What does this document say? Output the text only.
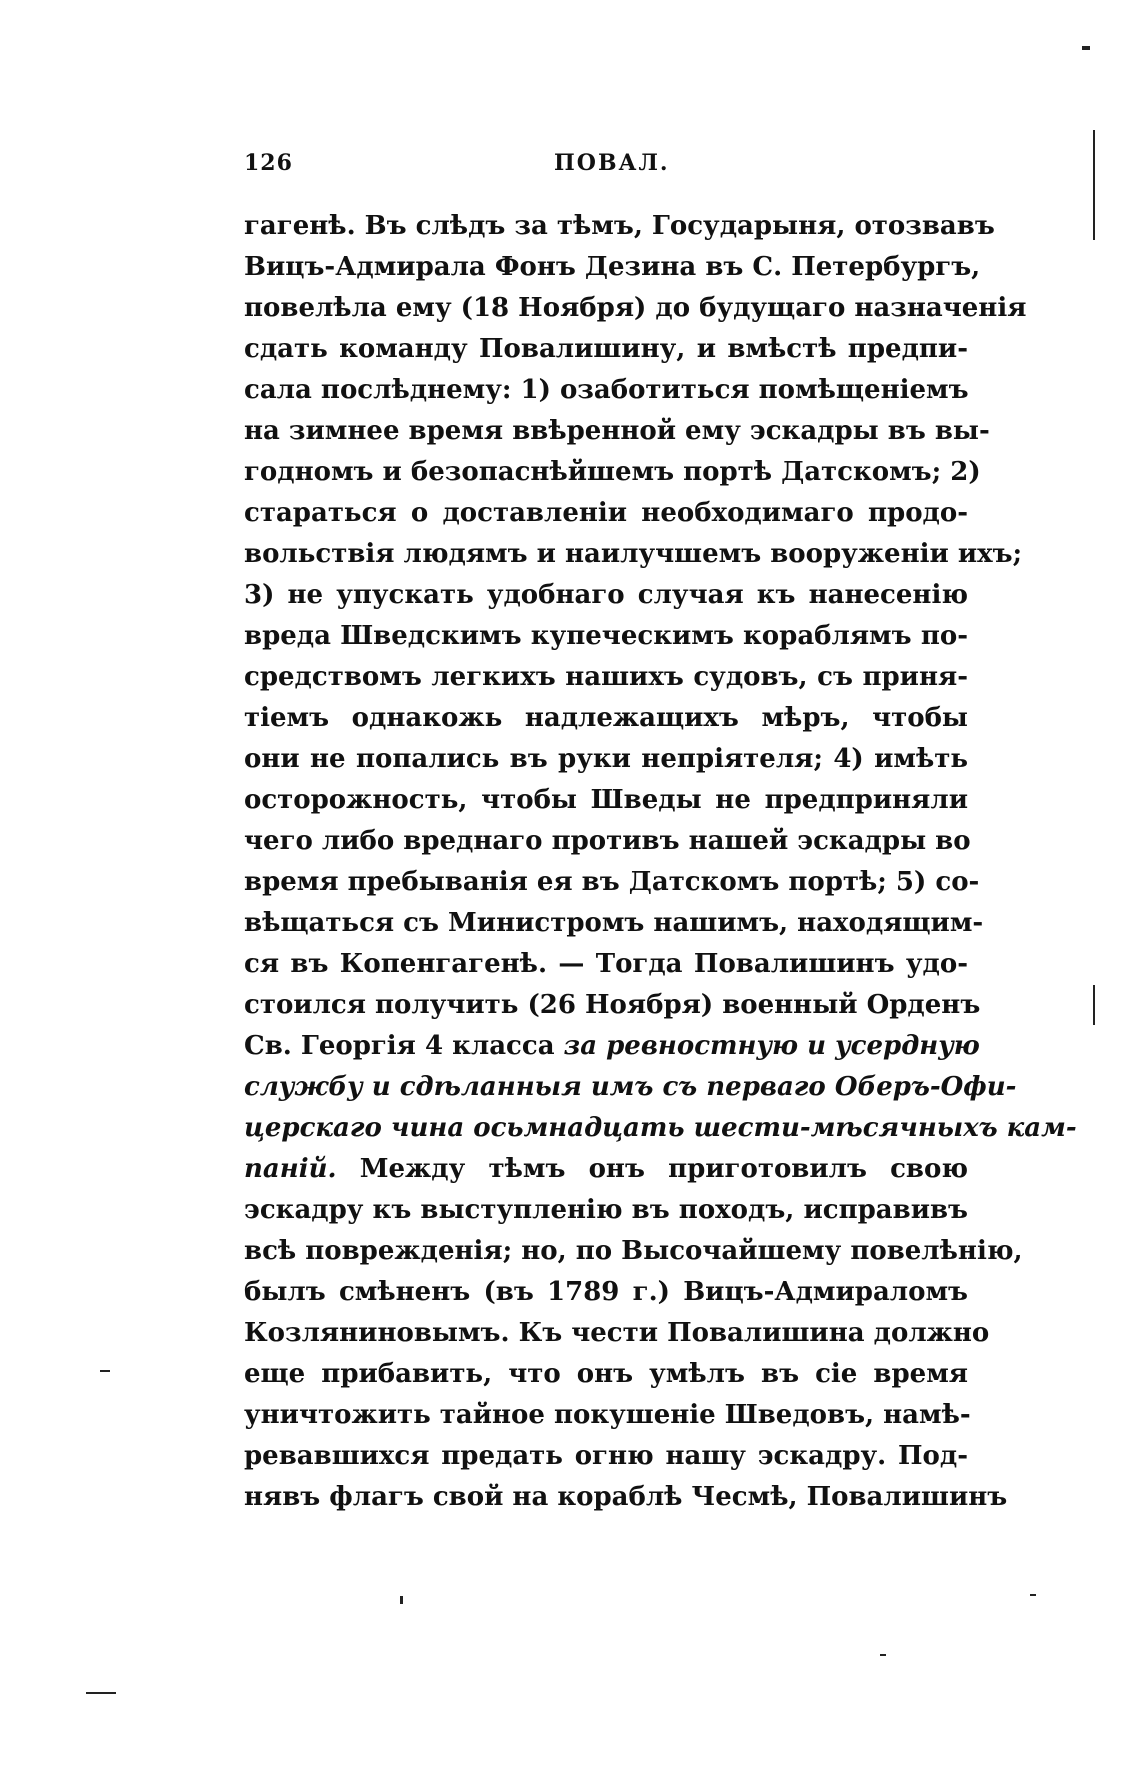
126	ПОВАЛ.
гагенѣ. Въ слѣдъ за тѣмъ, Государыня, отозвавъ
Вицъ-Адмирала Фонъ Дезина въ С. Петербургъ,
повелѣла ему (18 Ноября) до будущаго назначенія
сдать команду Повалишину, и вмѣстѣ предпи-
сала послѣднему: 1) озаботиться помѣщеніемъ
на зимнее время ввѣренной ему эскадры въ вы-
годномъ и безопаснѣйшемъ портѣ Датскомъ; 2)
стараться о доставленіи необходимаго продо-
вольствія людямъ и наилучшемъ вооруженіи ихъ;
3) не упускать удобнаго случая къ нанесенію
вреда Шведскимъ купеческимъ кораблямъ по-
средствомъ легкихъ нашихъ судовъ, съ приня-
тіемъ однакожь надлежащихъ мѣръ, чтобы
они не попались въ руки непріятеля; 4) имѣть
осторожность, чтобы Шведы не предприняли
чего либо вреднаго противъ нашей эскадры во
время пребыванія ея въ Датскомъ портѣ; 5) со-
вѣщаться съ Министромъ нашимъ, находящим-
ся въ Копенгагенѣ. — Тогда Повалишинъ удо-
стоился получить (26 Ноября) военный Орденъ
Св. Георгія 4 класса за ревностную и усердную
службу и сдѣланныя имъ съ перваго Оберъ-Офи-
церскаго чина осьмнадцать шести-мѣсячныхъ кам-
паній. Между тѣмъ онъ приготовилъ свою
эскадру къ выступленію въ походъ, исправивъ
всѣ поврежденія; но, по Высочайшему повелѣнію,
былъ смѣненъ (въ 1789 г.) Вицъ-Адмираломъ
Козляниновымъ. Къ чести Повалишина должно
еще прибавить, что онъ умѣлъ въ сіе время
уничтожить тайное покушеніе Шведовъ, намѣ-
ревавшихся предать огню нашу эскадру. Под-
нявъ флагъ свой на кораблѣ Чесмѣ, Повалишинъ
